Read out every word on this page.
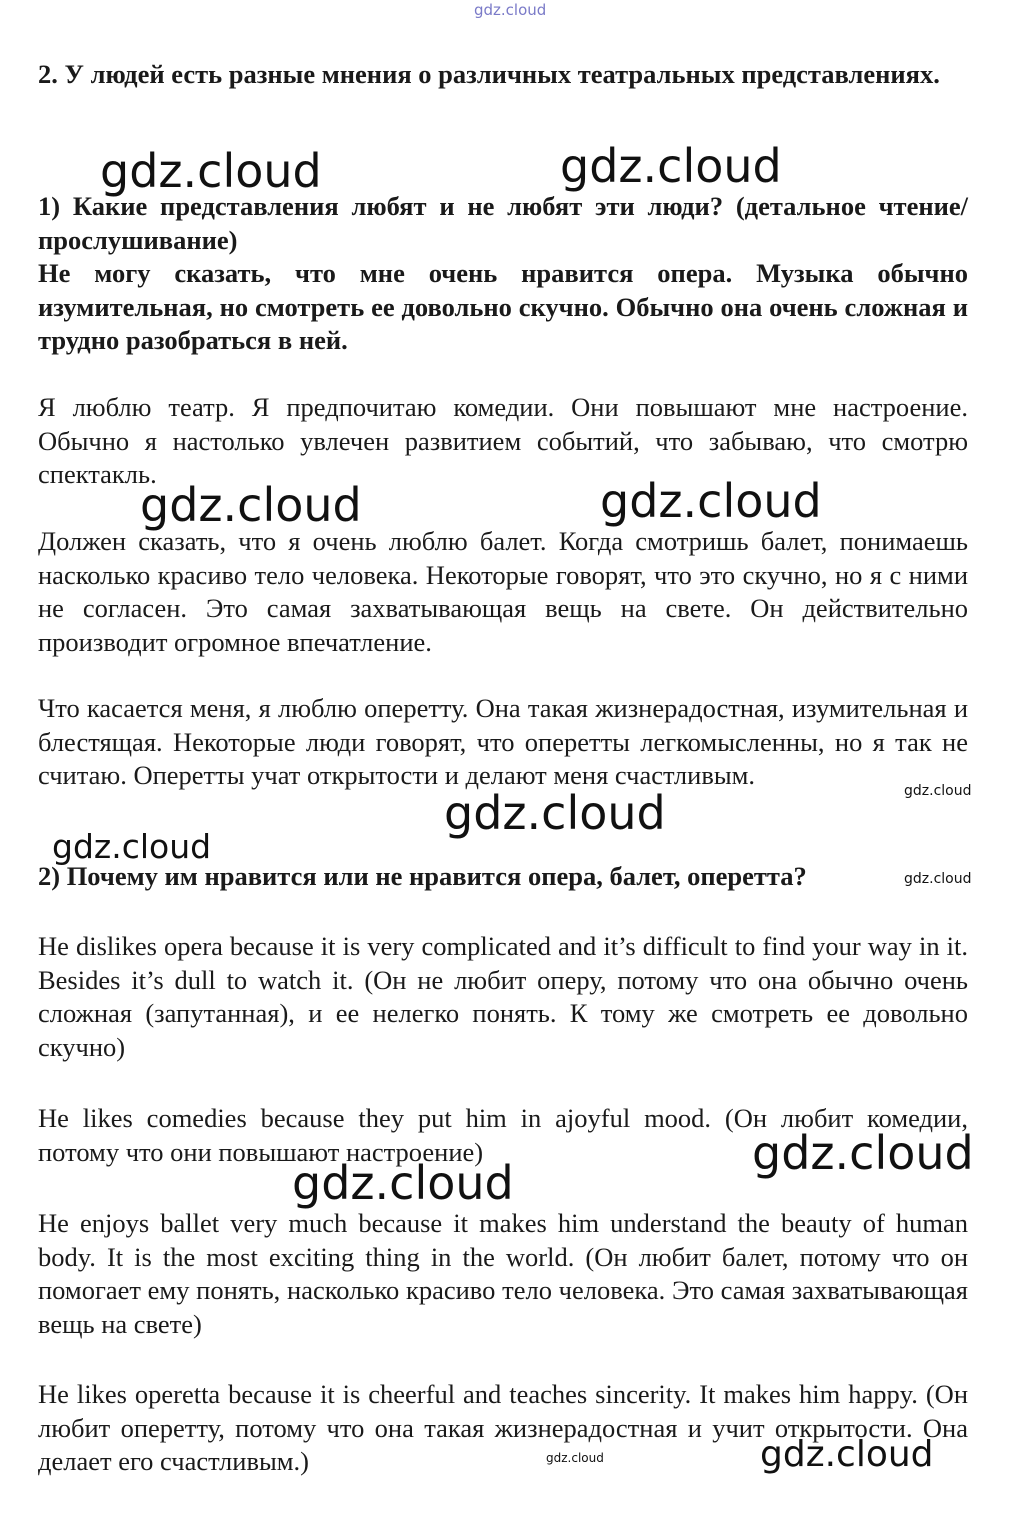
2. У людей есть разные мнения о различных театральных представлениях.

1) Какие представления любят и не любят эти люди? (детальное чтение/прослушивание)

Не могу сказать, что мне очень нравится опера. Музыка обычно изумительная, но смотреть ее довольно скучно. Обычно она очень сложная и трудно разобраться в ней.

Я люблю театр. Я предпочитаю комедии. Они повышают мне настроение. Обычно я настолько увлечен развитием событий, что забываю, что смотрю спектакль.

Должен сказать, что я очень люблю балет. Когда смотришь балет, понимаешь насколько красиво тело человека. Некоторые говорят, что это скучно, но я с ними не согласен. Это самая захватывающая вещь на свете. Он действительно производит огромное впечатление.

Что касается меня, я люблю оперетту. Она такая жизнерадостная, изумительная и блестящая. Некоторые люди говорят, что оперетты легкомысленны, но я так не считаю. Оперетты учат открытости и делают меня счастливым.

2) Почему им нравится или не нравится опера, балет, оперетта?

He dislikes opera because it is very complicated and it’s difficult to find your way in it. Besides it’s dull to watch it. (Он не любит оперу, потому что она обычно очень сложная (запутанная), и ее нелегко понять. К тому же смотреть ее довольно скучно)

He likes comedies because they put him in ajoyful mood. (Он любит комедии, потому что они повышают настроение)

He enjoys ballet very much because it makes him understand the beauty of human body. It is the most exciting thing in the world. (Он любит балет, потому что он помогает ему понять, насколько красиво тело человека. Это самая захватывающая вещь на свете)

He likes operetta because it is cheerful and teaches sincerity. It makes him happy. (Он любит оперетту, потому что она такая жизнерадостная и учит открытости. Она делает его счастливым.)

gdz.cloud
gdz.cloud	gdz.cloud
gdz.cloud	gdz.cloud
gdz.cloud
gdz.cloud
gdz.cloud
gdz.cloud
gdz.cloud
gdz.cloud
gdz.cloud	gdz.cloud
